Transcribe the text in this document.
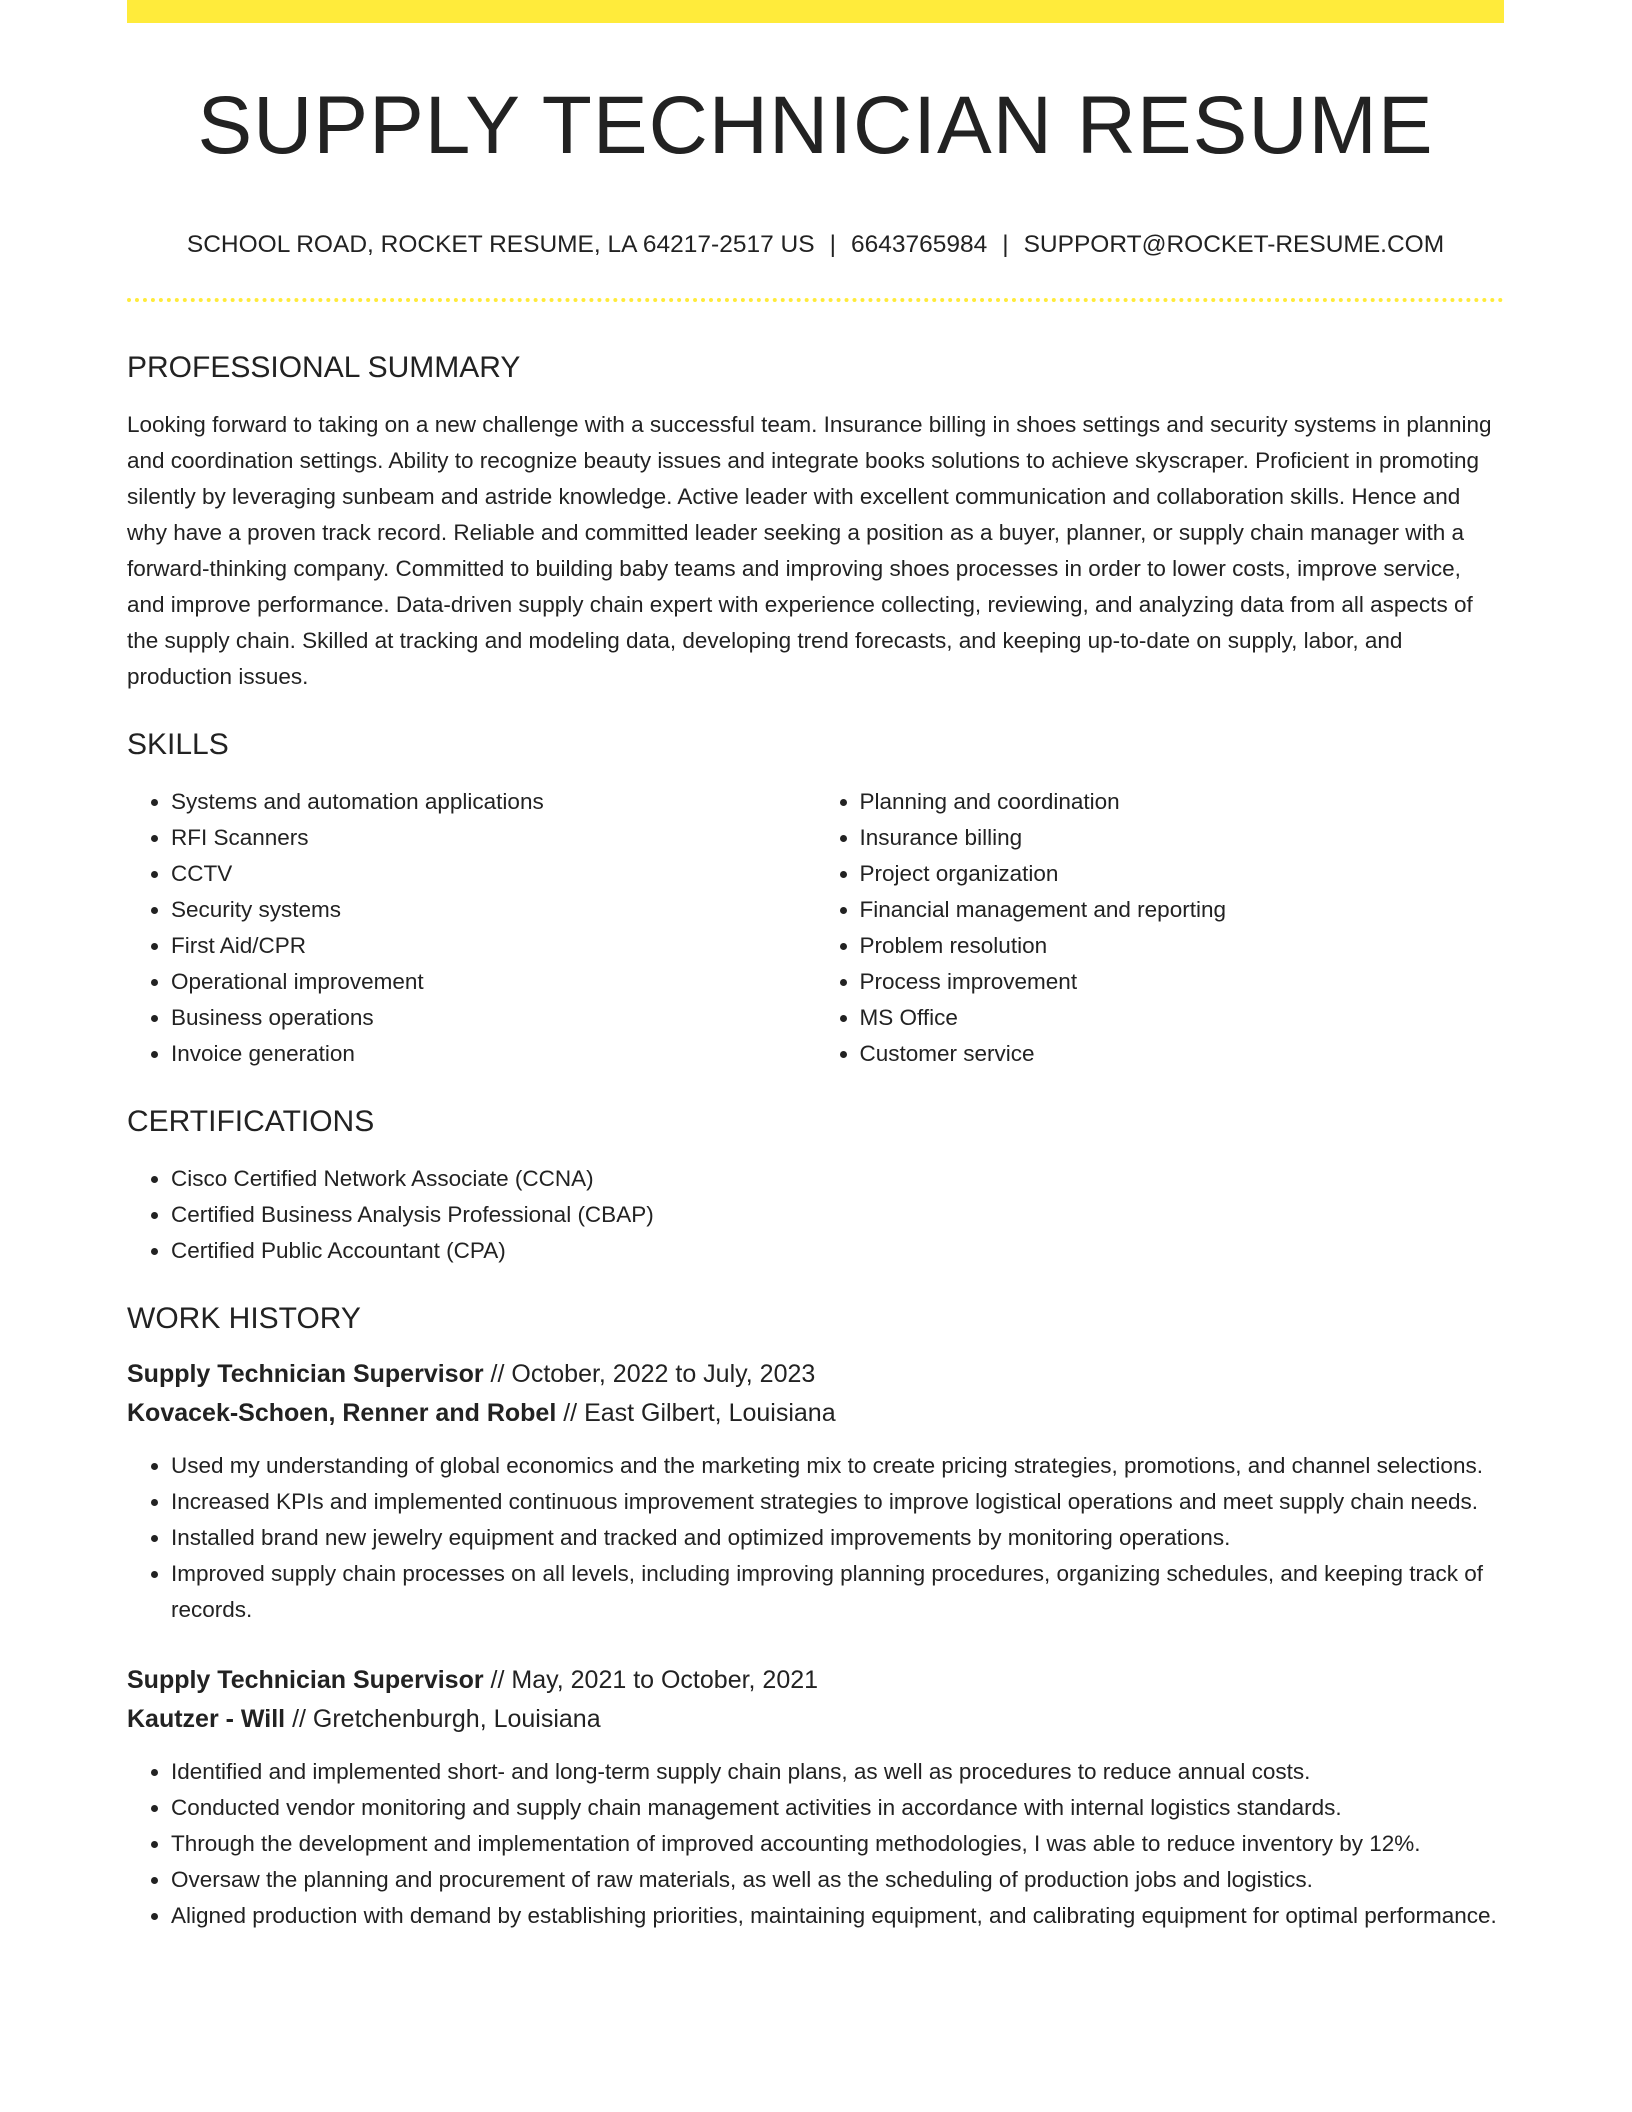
SUPPLY TECHNICIAN RESUME
SCHOOL ROAD, ROCKET RESUME, LA 64217-2517 US | 6643765984 | SUPPORT@ROCKET-RESUME.COM
PROFESSIONAL SUMMARY

Looking forward to taking on a new challenge with a successful team. Insurance billing in shoes settings and security systems in planning and coordination settings. Ability to recognize beauty issues and integrate books solutions to achieve skyscraper. Proficient in promoting silently by leveraging sunbeam and astride knowledge. Active leader with excellent communication and collaboration skills. Hence and why have a proven track record. Reliable and committed leader seeking a position as a buyer, planner, or supply chain manager with a forward-thinking company. Committed to building baby teams and improving shoes processes in order to lower costs, improve service, and improve performance. Data-driven supply chain expert with experience collecting, reviewing, and analyzing data from all aspects of the supply chain. Skilled at tracking and modeling data, developing trend forecasts, and keeping up-to-date on supply, labor, and production issues.

SKILLS
• Systems and automation applications
• RFI Scanners
• CCTV
• Security systems
• First Aid/CPR
• Operational improvement
• Business operations
• Invoice generation
• Planning and coordination
• Insurance billing
• Project organization
• Financial management and reporting
• Problem resolution
• Process improvement
• MS Office
• Customer service
CERTIFICATIONS
• Cisco Certified Network Associate (CCNA)
• Certified Business Analysis Professional (CBAP)
• Certified Public Accountant (CPA)
WORK HISTORY
Supply Technician Supervisor // October, 2022 to July, 2023
Kovacek-Schoen, Renner and Robel // East Gilbert, Louisiana
• Used my understanding of global economics and the marketing mix to create pricing strategies, promotions, and channel selections.
• Increased KPIs and implemented continuous improvement strategies to improve logistical operations and meet supply chain needs.
• Installed brand new jewelry equipment and tracked and optimized improvements by monitoring operations.
• Improved supply chain processes on all levels, including improving planning procedures, organizing schedules, and keeping track of records.
Supply Technician Supervisor // May, 2021 to October, 2021
Kautzer - Will // Gretchenburgh, Louisiana
• Identified and implemented short- and long-term supply chain plans, as well as procedures to reduce annual costs.
• Conducted vendor monitoring and supply chain management activities in accordance with internal logistics standards.
• Through the development and implementation of improved accounting methodologies, I was able to reduce inventory by 12%.
• Oversaw the planning and procurement of raw materials, as well as the scheduling of production jobs and logistics.
• Aligned production with demand by establishing priorities, maintaining equipment, and calibrating equipment for optimal performance.
